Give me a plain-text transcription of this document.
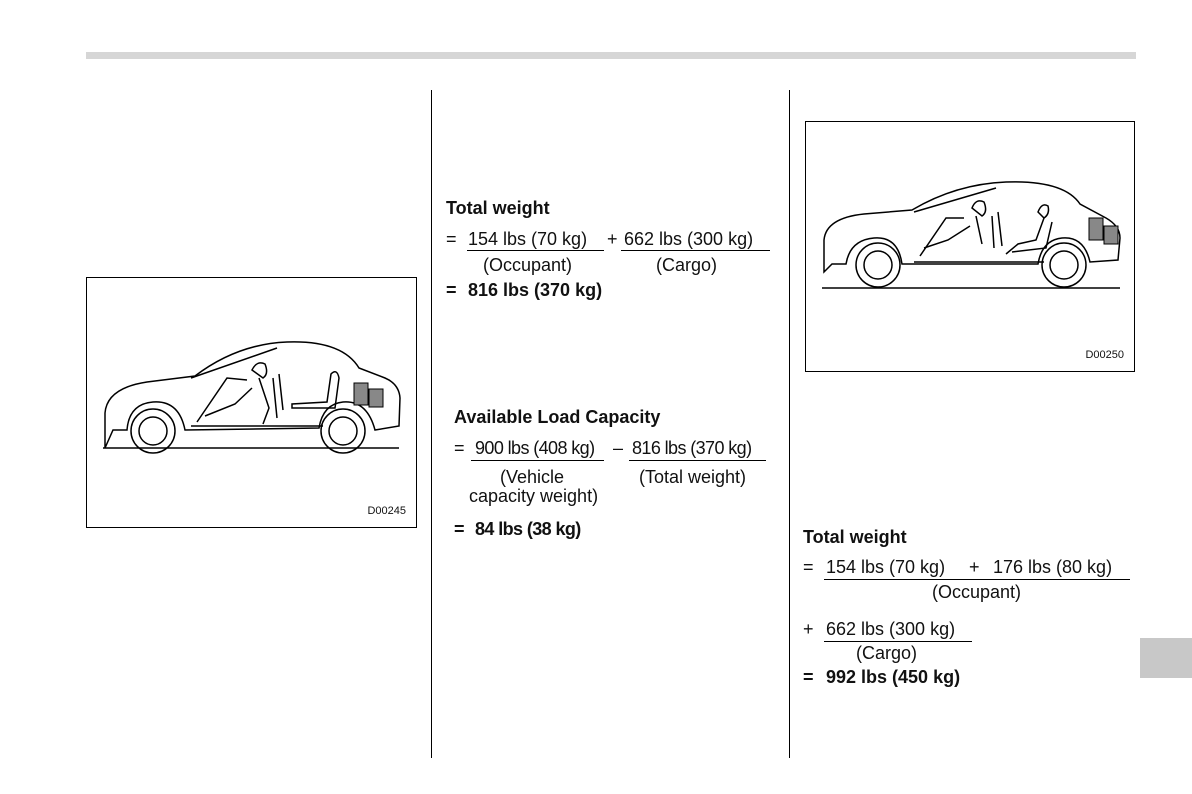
D00245
D00250
Total weight
= 154 lbs (70 kg) + 662 lbs (300 kg)
(Occupant)	(Cargo)
= 816 lbs (370 kg)
Available Load Capacity
= 900 lbs (408 kg) – 816 lbs (370 kg)
(Vehicle
capacity weight)
(Total weight)
= 84 lbs (38 kg)	Total weight
= 154 lbs (70 kg) + 176 lbs (80 kg)
(Occupant)
+ 662 lbs (300 kg)
(Cargo)
= 992 lbs (450 kg)
